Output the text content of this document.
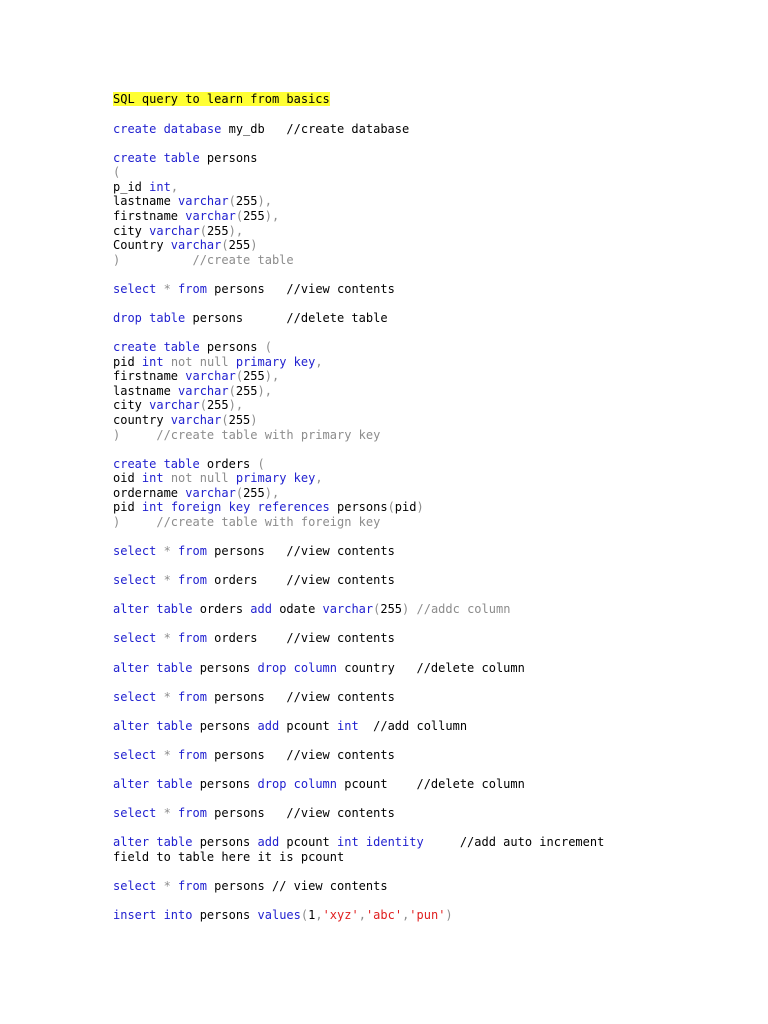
SQL query to learn from basics
create database my_db   //create database
create table persons
(
p_id int,
lastname varchar(255),
firstname varchar(255),
city varchar(255),
Country varchar(255)
)          //create table
select * from persons   //view contents
drop table persons      //delete table
create table persons (
pid int not null primary key,
firstname varchar(255),
lastname varchar(255),
city varchar(255),
country varchar(255)
)     //create table with primary key
create table orders (
oid int not null primary key,
ordername varchar(255),
pid int foreign key references persons(pid)
)     //create table with foreign key
select * from persons   //view contents
select * from orders    //view contents
alter table orders add odate varchar(255) //addc column
select * from orders    //view contents
alter table persons drop column country   //delete column
select * from persons   //view contents
alter table persons add pcount int  //add collumn
select * from persons   //view contents
alter table persons drop column pcount    //delete column
select * from persons   //view contents
alter table persons add pcount int identity     //add auto increment
field to table here it is pcount
select * from persons // view contents
insert into persons values(1,'xyz','abc','pun')
